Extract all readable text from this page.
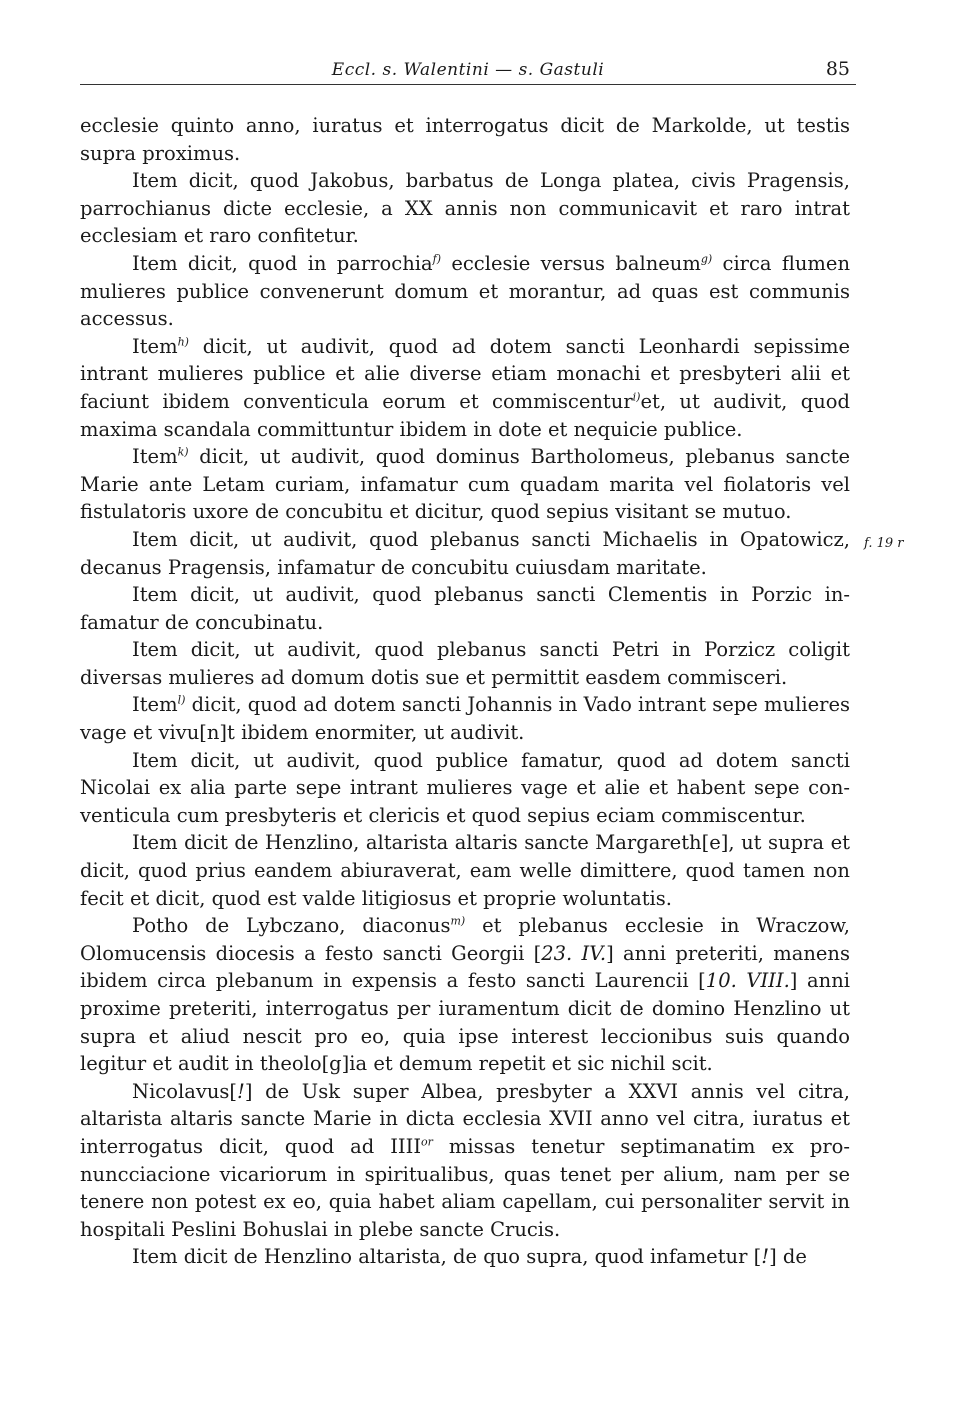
Eccl. s. Walentini — s. Gastuli	85
f. 19 r

ecclesie quinto anno, iuratus et interrogatus dicit de Markolde, ut testis supra proximus.

Item dicit, quod Jakobus, barbatus de Longa platea, civis Pragensis, parrochianus dicte ecclesie, a XX annis non communicavit et raro intrat ecclesiam et raro confitetur.

Item dicit, quod in parrochia$^{f)}$ ecclesie versus balneum$^{g)}$ circa flumen mulieres publice convenerunt domum et morantur, ad quas est communis accessus.

Item$^{h)}$ dicit, ut audivit, quod ad dotem sancti Leonhardi sepissime intrant mulieres publice et alie diverse etiam monachi et presbyteri alii et faciunt ibidem conventicula eorum et commiscentur$^{i)}$et, ut audivit, quod maxima scandala committuntur ibidem in dote et nequicie publice.

Item$^{k)}$ dicit, ut audivit, quod dominus Bartholomeus, plebanus sancte Marie ante Letam curiam, infamatur cum quadam marita vel fiolatoris vel fistulatoris uxore de concubitu et dicitur, quod sepius visitant se mutuo.

Item dicit, ut audivit, quod plebanus sancti Michaelis in Opatowicz, decanus Pragensis, infamatur de concubitu cuiusdam maritate.

Item dicit, ut audivit, quod plebanus sancti Clementis in Porzic infamatur de concubinatu.

Item dicit, ut audivit, quod plebanus sancti Petri in Porzicz coligit diversas mulieres ad domum dotis sue et permittit easdem commisceri.

Item$^{l)}$ dicit, quod ad dotem sancti Johannis in Vado intrant sepe mulieres vage et vivu[n]t ibidem enormiter, ut audivit.

Item dicit, ut audivit, quod publice famatur, quod ad dotem sancti Nicolai ex alia parte sepe intrant mulieres vage et alie et habent sepe conventicula cum presbyteris et clericis et quod sepius eciam commiscentur.

Item dicit de Henzlino, altarista altaris sancte Margareth[e], ut supra et dicit, quod prius eandem abiuraverat, eam welle dimittere, quod tamen non fecit et dicit, quod est valde litigiosus et proprie woluntatis.

Potho de Lybczano, diaconus$^{m)}$ et plebanus ecclesie in Wraczow, Olomucensis diocesis a festo sancti Georgii [23. IV.] anni preteriti, manens ibidem circa plebanum in expensis a festo sancti Laurencii [10. VIII.] anni proxime preteriti, interrogatus per iuramentum dicit de domino Henzlino ut supra et aliud nescit pro eo, quia ipse interest leccionibus suis quando legitur et audit in theolo[g]ia et demum repetit et sic nichil scit.

Nicolavus[!] de Usk super Albea, presbyter a XXVI annis vel citra, altarista altaris sancte Marie in dicta ecclesia XVII anno vel citra, iuratus et interrogatus dicit, quod ad $IIII^{or}$ missas tenetur septimanatim ex pronuncciacione vicariorum in spiritualibus, quas tenet per alium, nam per se tenere non potest ex eo, quia habet aliam capellam, cui personaliter servit in hospitali Peslini Bohuslai in plebe sancte Crucis.

Item dicit de Henzlino altarista, de quo supra, quod infametur [!] de
